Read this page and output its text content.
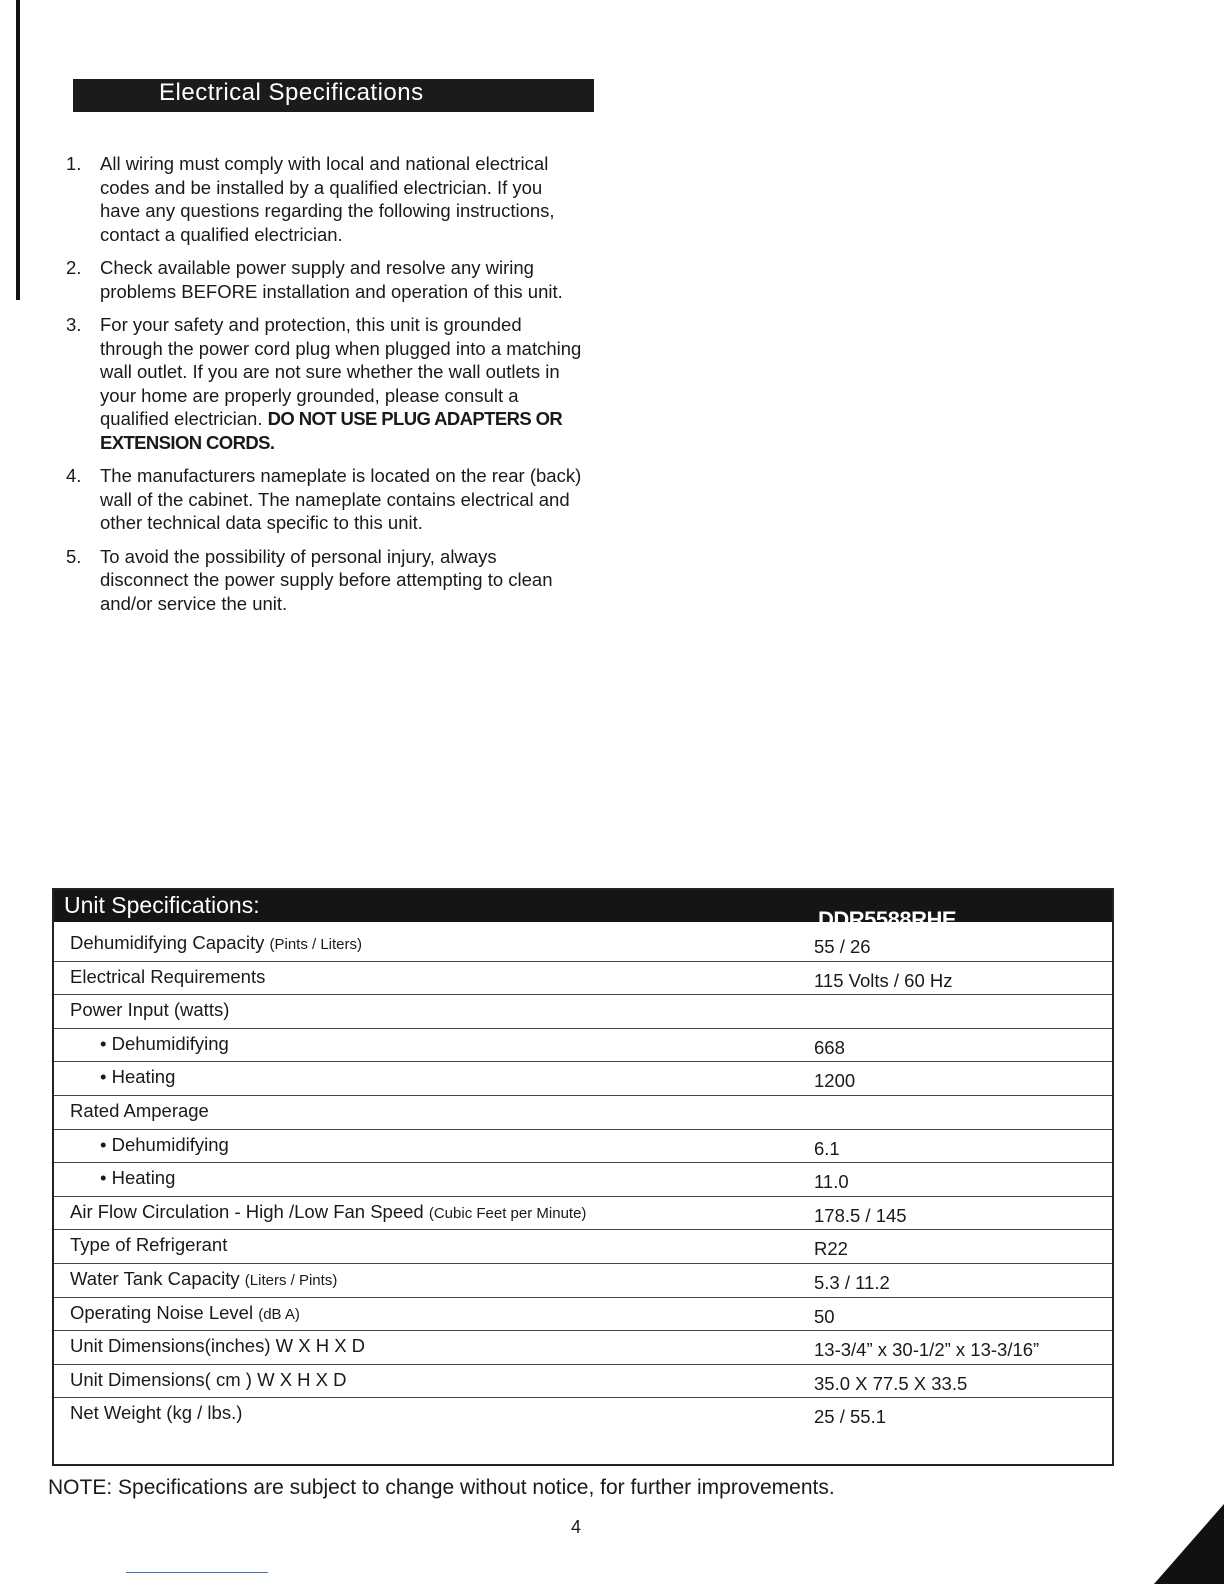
Electrical Specifications
1. All wiring must comply with local and national electrical codes and be installed by a qualified electrician. If you have any questions regarding the following instructions, contact a qualified electrician.
2. Check available power supply and resolve any wiring problems BEFORE installation and operation of this unit.
3. For your safety and protection, this unit is grounded through the power cord plug when plugged into a matching wall outlet. If you are not sure whether the wall outlets in your home are properly grounded, please consult a qualified electrician. DO NOT USE PLUG ADAPTERS OR EXTENSION CORDS.
4. The manufacturers nameplate is located on the rear (back) wall of the cabinet. The nameplate contains electrical and other technical data specific to this unit.
5. To avoid the possibility of personal injury, always disconnect the power supply before attempting to clean and/or service the unit.
Unit Specifications:
DDR5588RHE
Dehumidifying Capacity (Pints / Liters)	55 / 26
Electrical Requirements	115 Volts / 60 Hz
Power Input (watts)
• Dehumidifying	668
• Heating	1200
Rated Amperage
• Dehumidifying	6.1
• Heating	11.0
Air Flow Circulation - High /Low Fan Speed (Cubic Feet per Minute)	178.5 / 145
Type of Refrigerant	R22
Water Tank Capacity (Liters / Pints)	5.3 / 11.2
Operating Noise Level (dB A)	50
Unit Dimensions(inches) W X H X D	13-3/4” x 30-1/2” x 13-3/16”
Unit Dimensions( cm ) W X H X D	35.0 X 77.5 X 33.5
Net Weight (kg / lbs.)	25 / 55.1
NOTE: Specifications are subject to change without notice, for further improvements.
4
